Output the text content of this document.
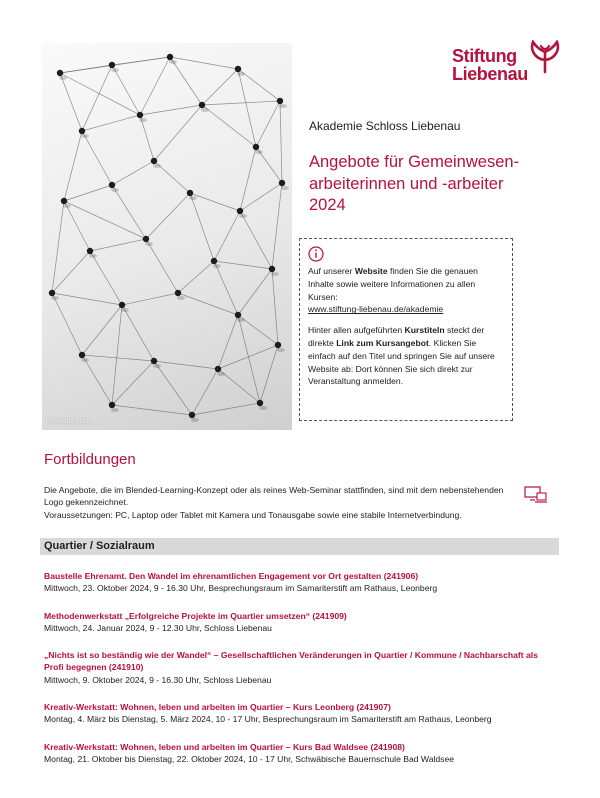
© Shutterstock
Stiftung
Liebenau
Akademie Schloss Liebenau
Angebote für Gemeinwesen-
arbeiterinnen und -arbeiter
2024

Auf unserer Website finden Sie die genauen Inhalte sowie weitere Informationen zu allen Kursen:
www.stiftung-liebenau.de/akademie

Hinter allen aufgeführten Kurstiteln steckt der direkte Link zum Kursangebot. Klicken Sie einfach auf den Titel und springen Sie auf unsere Website ab: Dort können Sie sich direkt zur Veranstaltung anmelden.

Fortbildungen

Die Angebote, die im Blended-Learning-Konzept oder als reines Web-Seminar stattfinden, sind mit dem nebenstehenden Logo gekennzeichnet.

Voraussetzungen: PC, Laptop oder Tablet mit Kamera und Tonausgabe sowie eine stabile Internetverbindung.

Quartier / Sozialraum
Baustelle Ehrenamt. Den Wandel im ehrenamtlichen Engagement vor Ort gestalten (241906)
Mittwoch, 23. Oktober 2024, 9 - 16.30 Uhr, Besprechungsraum im Samariterstift am Rathaus, Leonberg
Methodenwerkstatt „Erfolgreiche Projekte im Quartier umsetzen“ (241909)
Mittwoch, 24. Januar 2024, 9 - 12.30 Uhr, Schloss Liebenau
„Nichts ist so beständig wie der Wandel“ – Gesellschaftlichen Veränderungen in Quartier / Kommune / Nachbarschaft als Profi begegnen (241910)
Mittwoch, 9. Oktober 2024, 9 - 16.30 Uhr, Schloss Liebenau
Kreativ-Werkstatt: Wohnen, leben und arbeiten im Quartier – Kurs Leonberg (241907)
Montag, 4. März bis Dienstag, 5. März 2024, 10 - 17 Uhr, Besprechungsraum im Samariterstift am Rathaus, Leonberg
Kreativ-Werkstatt: Wohnen, leben und arbeiten im Quartier – Kurs Bad Waldsee (241908)
Montag, 21. Oktober bis Dienstag, 22. Oktober 2024, 10 - 17 Uhr, Schwäbische Bauernschule Bad Waldsee
